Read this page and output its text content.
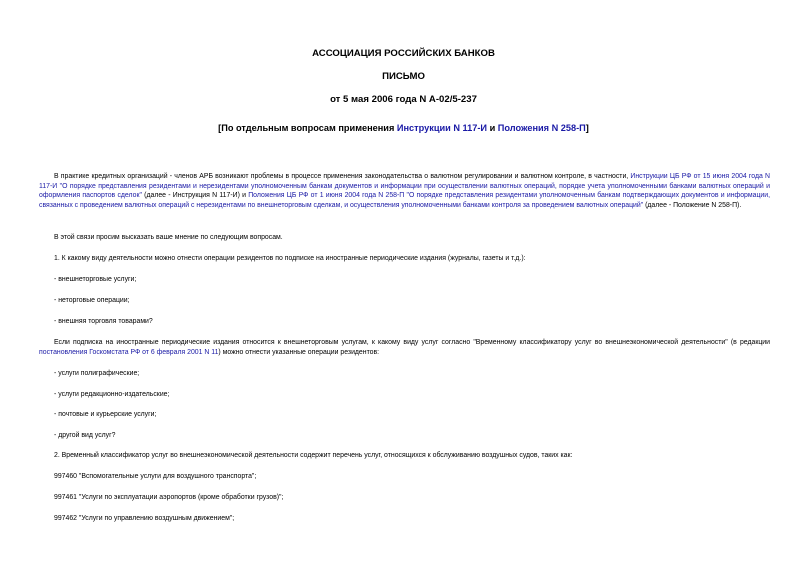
АССОЦИАЦИЯ РОССИЙСКИХ БАНКОВ
ПИСЬМО
от 5 мая 2006 года N А-02/5-237
[По отдельным вопросам применения Инструкции N 117-И и Положения N 258-П]
В практике кредитных организаций - членов АРБ возникают проблемы в процессе применения законодательства о валютном регулировании и валютном контроле, в частности, Инструкции ЦБ РФ от 15 июня 2004 года N 117-И "О порядке представления резидентами и нерезидентами уполномоченным банкам документов и информации при осуществлении валютных операций, порядке учета уполномоченными банками валютных операций и оформления паспортов сделок" (далее - Инструкция N 117-И) и Положения ЦБ РФ от 1 июня 2004 года N 258-П "О порядке представления резидентами уполномоченным банкам подтверждающих документов и информации, связанных с проведением валютных операций с нерезидентами по внешнеторговым сделкам, и осуществления уполномоченными банками контроля за проведением валютных операций" (далее - Положение N 258-П).
В этой связи просим высказать ваше мнение по следующим вопросам.
1. К какому виду деятельности можно отнести операции резидентов по подписке на иностранные периодические издания (журналы, газеты и т.д.):
- внешнеторговые услуги;
- неторговые операции;
- внешняя торговля товарами?
Если подписка на иностранные периодические издания относится к внешнеторговым услугам, к какому виду услуг согласно "Временному классификатору услуг во внешнеэкономической деятельности" (в редакции постановления Госкомстата РФ от 6 февраля 2001 N 11) можно отнести указанные операции резидентов:
- услуги полиграфические;
- услуги редакционно-издательские;
- почтовые и курьерские услуги;
- другой вид услуг?
2. Временный классификатор услуг во внешнеэкономической деятельности содержит перечень услуг, относящихся к обслуживанию воздушных судов, таких как:
997460 "Вспомогательные услуги для воздушного транспорта";
997461 "Услуги по эксплуатации аэропортов (кроме обработки грузов)";
997462 "Услуги по управлению воздушным движением";
